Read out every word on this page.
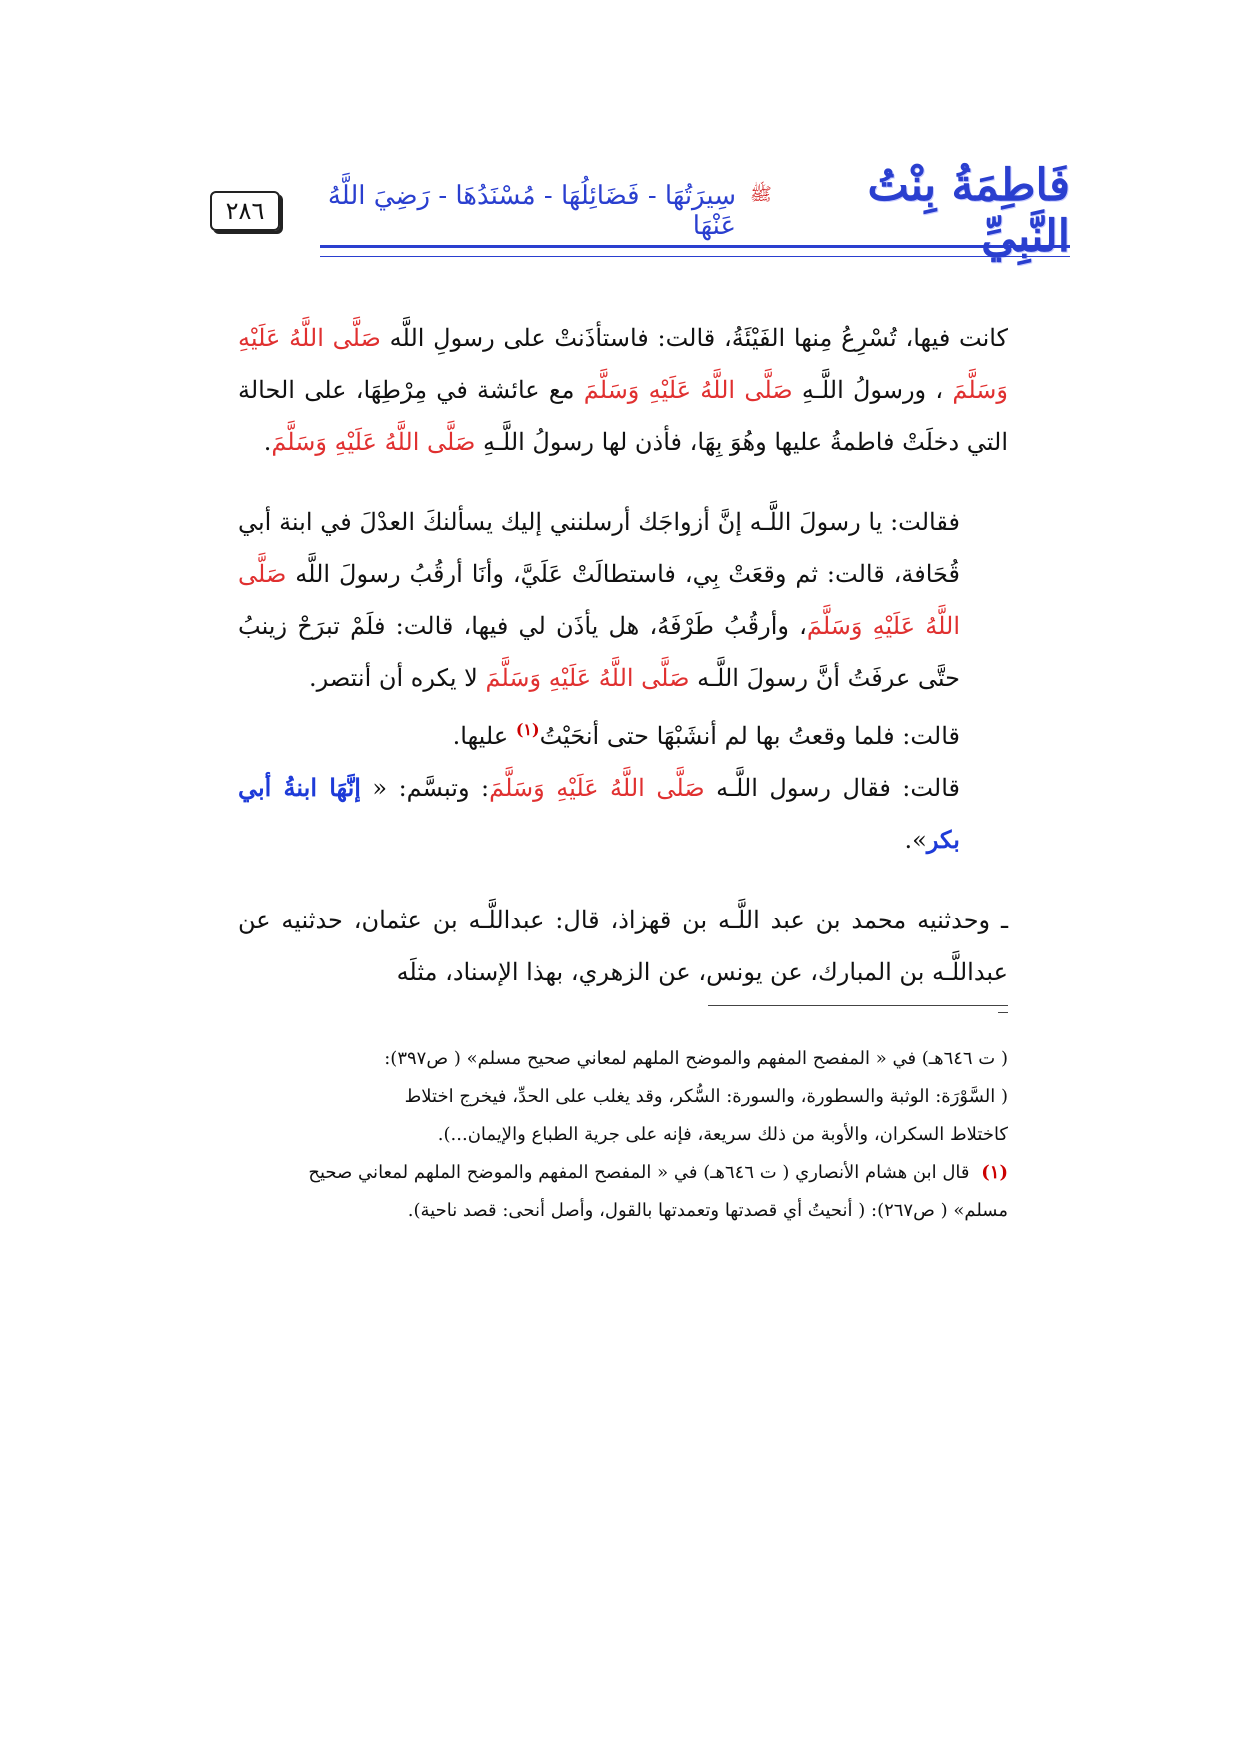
٢٨٦	فَاطِمَةُ بِنْتُ النَّبِيِّ
ﷺ
سِيرَتُهَا - فَضَائِلُهَا - مُسْنَدُهَا - رَضِيَ اللَّهُ عَنْهَا

كانت فيها، تُسْرِعُ مِنها الفَيْئَةُ، قالت: فاستأذَنتْ على رسولِ اللَّه صَلَّى اللَّهُ عَلَيْهِ وَسَلَّمَ ، ورسولُ اللَّـهِ صَلَّى اللَّهُ عَلَيْهِ وَسَلَّمَ مع عائشة في مِرْطِهَا، على الحالة التي دخلَتْ فاطمةُ عليها وهُوَ بِهَا، فأذن لها رسولُ اللَّـهِ صَلَّى اللَّهُ عَلَيْهِ وَسَلَّمَ.

فقالت: يا رسولَ اللَّـه إنَّ أزواجَك أرسلنني إليك يسألنكَ العدْلَ في ابنة أبي قُحَافة، قالت: ثم وقعَتْ بِي، فاستطالَتْ عَلَيَّ، وأنَا أرقُبُ رسولَ اللَّه صَلَّى اللَّهُ عَلَيْهِ وَسَلَّمَ، وأرقُبُ طَرْفَهُ، هل يأذَن لي فيها، قالت: فلَمْ تبرَحْ زينبُ حتَّى عرفَتُ أنَّ رسولَ اللَّـه صَلَّى اللَّهُ عَلَيْهِ وَسَلَّمَ لا يكره أن أنتصر.

قالت: فلما وقعتُ بها لم أنشَبْهَا حتى أنحَيْتُ$^{(١)}$ عليها.

قالت: فقال رسول اللَّـه صَلَّى اللَّهُ عَلَيْهِ وَسَلَّمَ: وتبسَّم: « إنَّهَا ابنةُ أبي بكر».

ـ وحدثنيه محمد بن عبد اللَّـه بن قهزاذ، قال: عبداللَّـه بن عثمان، حدثنيه عن عبداللَّـه بن المبارك، عن يونس، عن الزهري، بهذا الإسناد، مثلَه

( ت ٦٤٦هـ) في « المفصح المفهم والموضح الملهم لمعاني صحيح مسلم» ( ص٣٩٧):

( السَّوْرَة: الوثبة والسطورة، والسورة: السُّكر، وقد يغلب على الحدِّ، فيخرج اختلاط

كاختلاط السكران، والأوبة من ذلك سريعة، فإنه على جرية الطباع والإيمان...).

(١) قال ابن هشام الأنصاري ( ت ٦٤٦هـ) في « المفصح المفهم والموضح الملهم لمعاني صحيح

مسلم» ( ص٢٦٧): ( أنحيتُ أي قصدتها وتعمدتها بالقول، وأصل أنحى: قصد ناحية).
